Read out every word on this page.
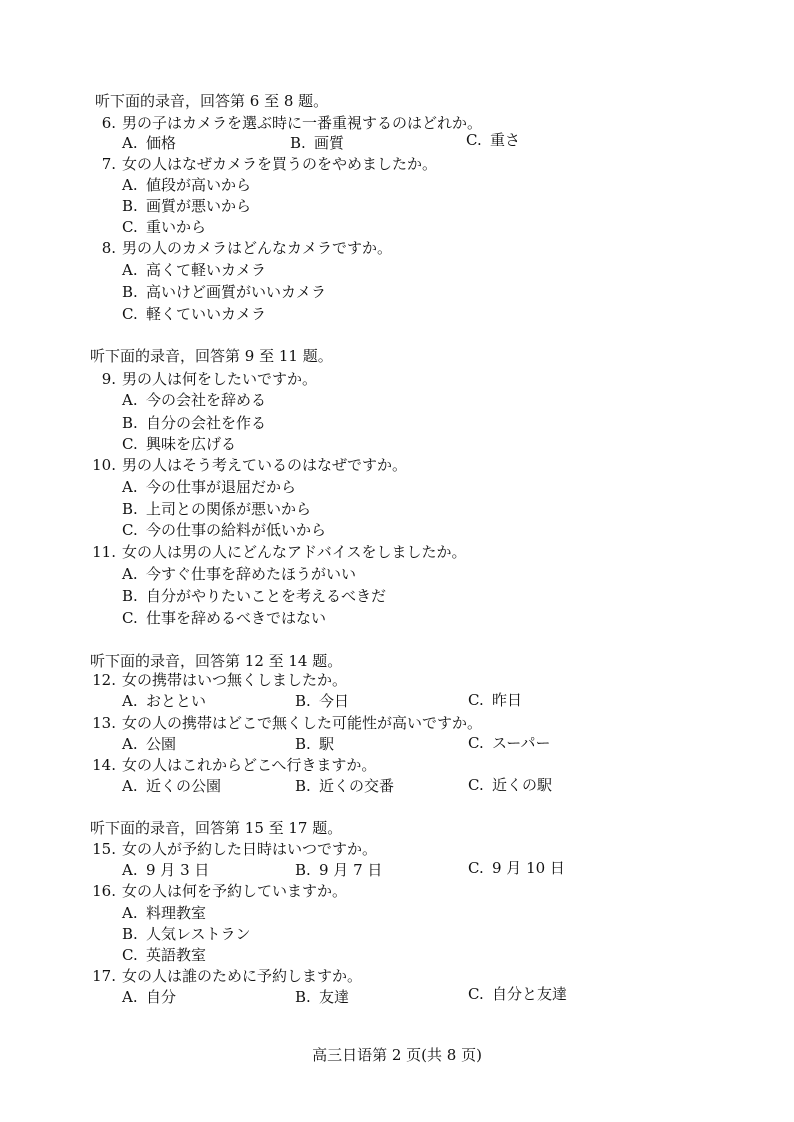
听下面的录音，回答第 6 至 8 题。
6. 男の子はカメラを選ぶ時に一番重視するのはどれか。
A. 価格	B. 画質	C. 重さ
7. 女の人はなぜカメラを買うのをやめましたか。
A. 値段が高いから
B. 画質が悪いから
C. 重いから
8. 男の人のカメラはどんなカメラですか。
A. 高くて軽いカメラ
B. 高いけど画質がいいカメラ
C. 軽くていいカメラ
听下面的录音，回答第 9 至 11 题。
9. 男の人は何をしたいですか。
A. 今の会社を辞める
B. 自分の会社を作る
C. 興味を広げる
10. 男の人はそう考えているのはなぜですか。
A. 今の仕事が退屈だから
B. 上司との関係が悪いから
C. 今の仕事の給料が低いから
11. 女の人は男の人にどんなアドバイスをしましたか。
A. 今すぐ仕事を辞めたほうがいい
B. 自分がやりたいことを考えるべきだ
C. 仕事を辞めるべきではない
听下面的录音，回答第 12 至 14 题。
12. 女の携帯はいつ無くしましたか。
A. おととい	B. 今日	C. 昨日
13. 女の人の携帯はどこで無くした可能性が高いですか。
A. 公園	B. 駅	C. スーパー
14. 女の人はこれからどこへ行きますか。
A. 近くの公園	B. 近くの交番	C. 近くの駅
听下面的录音，回答第 15 至 17 题。
15. 女の人が予約した日時はいつですか。
A. 9 月 3 日	B. 9 月 7 日	C. 9 月 10 日
16. 女の人は何を予約していますか。
A. 料理教室
B. 人気レストラン
C. 英語教室
17. 女の人は誰のために予約しますか。
A. 自分	B. 友達	C. 自分と友達
高三日语第 2 页(共 8 页)
